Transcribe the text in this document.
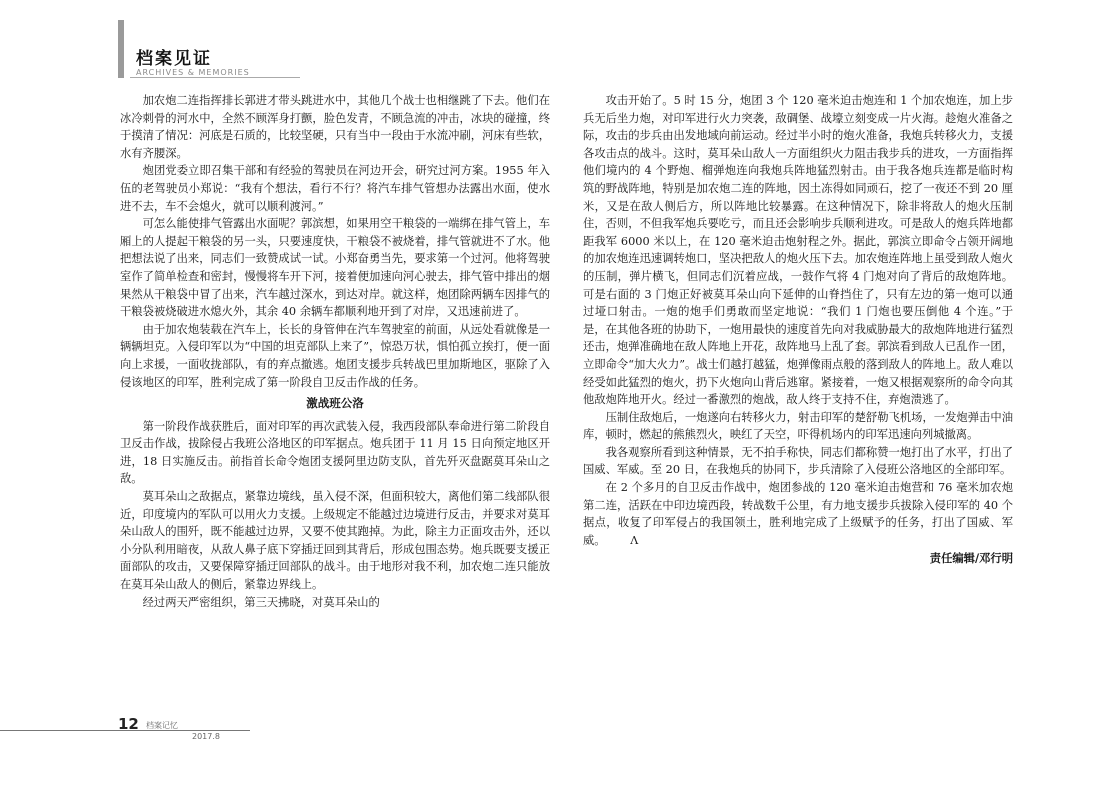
档案见证
ARCHIVES & MEMORIES

加农炮二连指挥排长郭进才带头跳进水中，其他几个战士也相继跳了下去。他们在冰冷刺骨的河水中，全然不顾浑身打颤，脸色发青，不顾急流的冲击，冰块的碰撞，终于摸清了情况：河底是石质的，比较坚硬，只有当中一段由于水流冲刷，河床有些软，水有齐腰深。

炮团党委立即召集干部和有经验的驾驶员在河边开会，研究过河方案。1955 年入伍的老驾驶员小郑说：“我有个想法，看行不行？将汽车排气管想办法露出水面，使水进不去，车不会熄火，就可以顺利渡河。”

可怎么能使排气管露出水面呢？郭滨想，如果用空干粮袋的一端绑在排气管上，车厢上的人提起干粮袋的另一头，只要速度快，干粮袋不被烧着，排气管就进不了水。他把想法说了出来，同志们一致赞成试一试。小郑奋勇当先，要求第一个过河。他将驾驶室作了简单检查和密封，慢慢将车开下河，接着便加速向河心驶去，排气管中排出的烟果然从干粮袋中冒了出来，汽车越过深水，到达对岸。就这样，炮团除两辆车因排气的干粮袋被烧破进水熄火外，其余 40 余辆车都顺利地开到了对岸，又迅速前进了。

由于加农炮装载在汽车上，长长的身管伸在汽车驾驶室的前面，从远处看就像是一辆辆坦克。入侵印军以为“中国的坦克部队上来了”，惊恐万状，惧怕孤立挨打，便一面向上求援，一面收拢部队，有的弃点撤逃。炮团支援步兵转战巴里加斯地区，驱除了入侵该地区的印军，胜利完成了第一阶段自卫反击作战的任务。

激战班公洛

第一阶段作战获胜后，面对印军的再次武装入侵，我西段部队奉命进行第二阶段自卫反击作战，拔除侵占我班公洛地区的印军据点。炮兵团于 11 月 15 日向预定地区开进，18 日实施反击。前指首长命令炮团支援阿里边防支队，首先歼灭盘踞莫耳朵山之敌。

莫耳朵山之敌据点，紧靠边境线，虽入侵不深，但面积较大，离他们第二线部队很近，印度境内的军队可以用火力支援。上级规定不能越过边境进行反击，并要求对莫耳朵山敌人的围歼，既不能越过边界，又要不使其跑掉。为此，除主力正面攻击外，还以小分队利用暗夜，从敌人鼻子底下穿插迂回到其背后，形成包围态势。炮兵既要支援正面部队的攻击，又要保障穿插迂回部队的战斗。由于地形对我不利，加农炮二连只能放在莫耳朵山敌人的侧后，紧靠边界线上。

经过两天严密组织，第三天拂晓，对莫耳朵山的

攻击开始了。5 时 15 分，炮团 3 个 120 毫米迫击炮连和 1 个加农炮连，加上步兵无后坐力炮，对印军进行火力突袭，敌碉堡、战壕立刻变成一片火海。趁炮火准备之际，攻击的步兵由出发地域向前运动。经过半小时的炮火准备，我炮兵转移火力，支援各攻击点的战斗。这时，莫耳朵山敌人一方面组织火力阻击我步兵的进攻，一方面指挥他们境内的 4 个野炮、榴弹炮连向我炮兵阵地猛烈射击。由于我各炮兵连都是临时构筑的野战阵地，特别是加农炮二连的阵地，因土冻得如同顽石，挖了一夜还不到 20 厘米，又是在敌人侧后方，所以阵地比较暴露。在这种情况下，除非将敌人的炮火压制住，否则，不但我军炮兵要吃亏，而且还会影响步兵顺利进攻。可是敌人的炮兵阵地都距我军 6000 米以上，在 120 毫米迫击炮射程之外。据此，郭滨立即命令占领开阔地的加农炮连迅速调转炮口，坚决把敌人的炮火压下去。加农炮连阵地上虽受到敌人炮火的压制，弹片横飞，但同志们沉着应战，一鼓作气将 4 门炮对向了背后的敌炮阵地。可是右面的 3 门炮正好被莫耳朵山向下延伸的山脊挡住了，只有左边的第一炮可以通过垭口射击。一炮的炮手们勇敢而坚定地说：“我们 1 门炮也要压倒他 4 个连。”于是，在其他各班的协助下，一炮用最快的速度首先向对我威胁最大的敌炮阵地进行猛烈还击，炮弹准确地在敌人阵地上开花，敌阵地马上乱了套。郭滨看到敌人已乱作一团，立即命令“加大火力”。战士们越打越猛，炮弹像雨点般的落到敌人的阵地上。敌人难以经受如此猛烈的炮火，扔下火炮向山背后逃窜。紧接着，一炮又根据观察所的命令向其他敌炮阵地开火。经过一番激烈的炮战，敌人终于支持不住，弃炮溃逃了。

压制住敌炮后，一炮遂向右转移火力，射击印军的楚舒勒飞机场，一发炮弹击中油库，顿时，燃起的熊熊烈火，映红了天空，吓得机场内的印军迅速向列城撤离。

我各观察所看到这种情景，无不拍手称快，同志们都称赞一炮打出了水平，打出了国威、军威。至 20 日，在我炮兵的协同下，步兵清除了入侵班公洛地区的全部印军。

在 2 个多月的自卫反击作战中，炮团参战的 120 毫米迫击炮营和 76 毫米加农炮第二连，活跃在中印边境西段，转战数千公里，有力地支援步兵拔除入侵印军的 40 个据点，收复了印军侵占的我国领土，胜利地完成了上级赋予的任务，打出了国威、军威。 Λ

责任编辑/邓行明
12 档案记忆
2017.8
